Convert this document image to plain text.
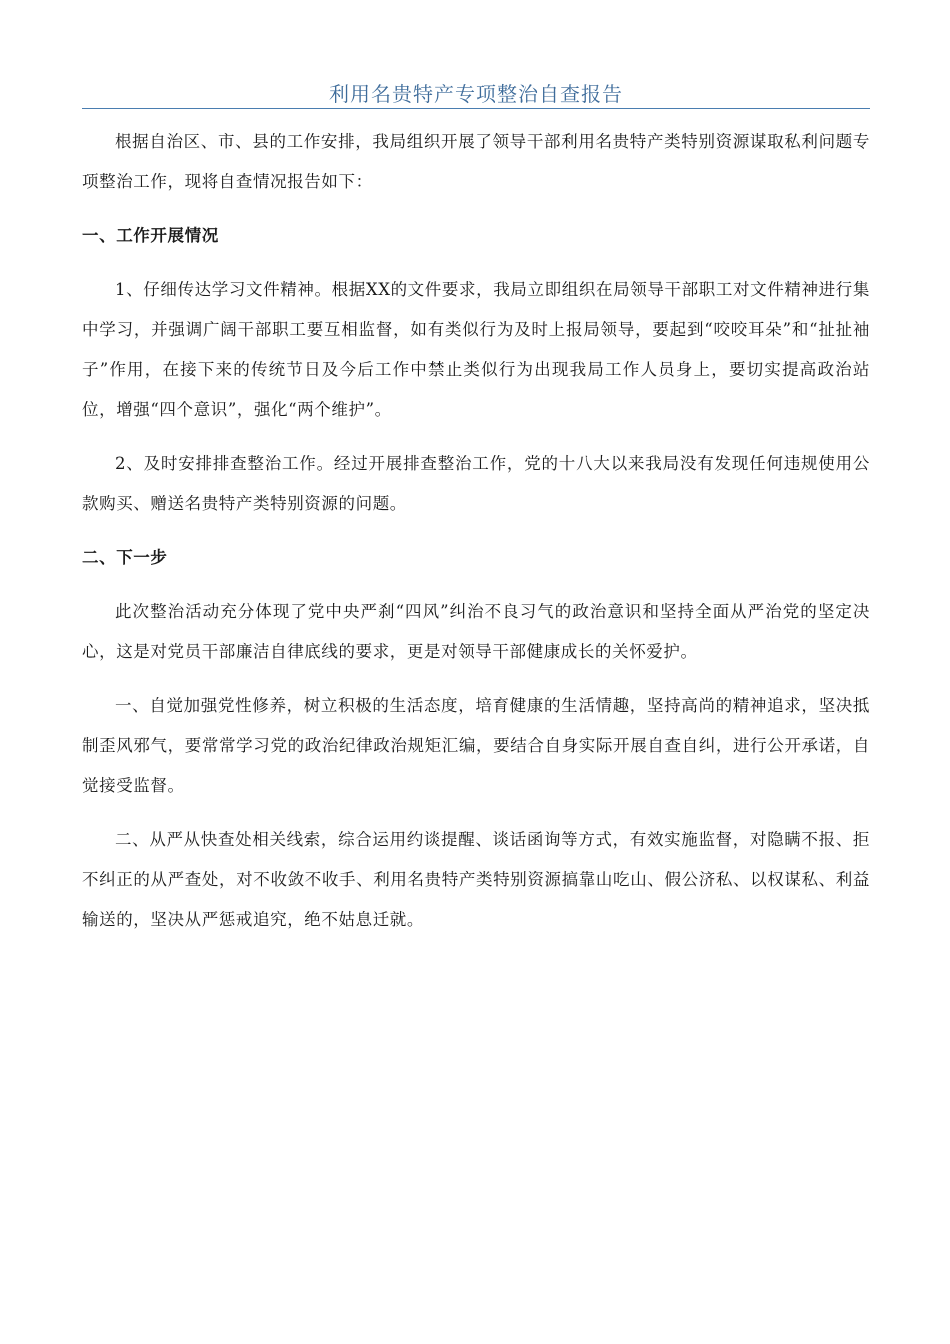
利用名贵特产专项整治自查报告

根据自治区、市、县的工作安排，我局组织开展了领导干部利用名贵特产类特别资源谋取私利问题专项整治工作，现将自查情况报告如下：

一、工作开展情况

1、仔细传达学习文件精神。根据XX的文件要求，我局立即组织在局领导干部职工对文件精神进行集中学习，并强调广阔干部职工要互相监督，如有类似行为及时上报局领导，要起到“咬咬耳朵”和“扯扯袖子”作用，在接下来的传统节日及今后工作中禁止类似行为出现我局工作人员身上，要切实提高政治站位，增强“四个意识”，强化“两个维护”。

2、及时安排排查整治工作。经过开展排查整治工作，党的十八大以来我局没有发现任何违规使用公款购买、赠送名贵特产类特别资源的问题。

二、下一步

此次整治活动充分体现了党中央严刹“四风”纠治不良习气的政治意识和坚持全面从严治党的坚定决心，这是对党员干部廉洁自律底线的要求，更是对领导干部健康成长的关怀爱护。

一、自觉加强党性修养，树立积极的生活态度，培育健康的生活情趣，坚持高尚的精神追求，坚决抵制歪风邪气，要常常学习党的政治纪律政治规矩汇编，要结合自身实际开展自查自纠，进行公开承诺，自觉接受监督。

二、从严从快查处相关线索，综合运用约谈提醒、谈话函询等方式，有效实施监督，对隐瞒不报、拒不纠正的从严查处，对不收敛不收手、利用名贵特产类特别资源搞靠山吃山、假公济私、以权谋私、利益输送的，坚决从严惩戒追究，绝不姑息迁就。
